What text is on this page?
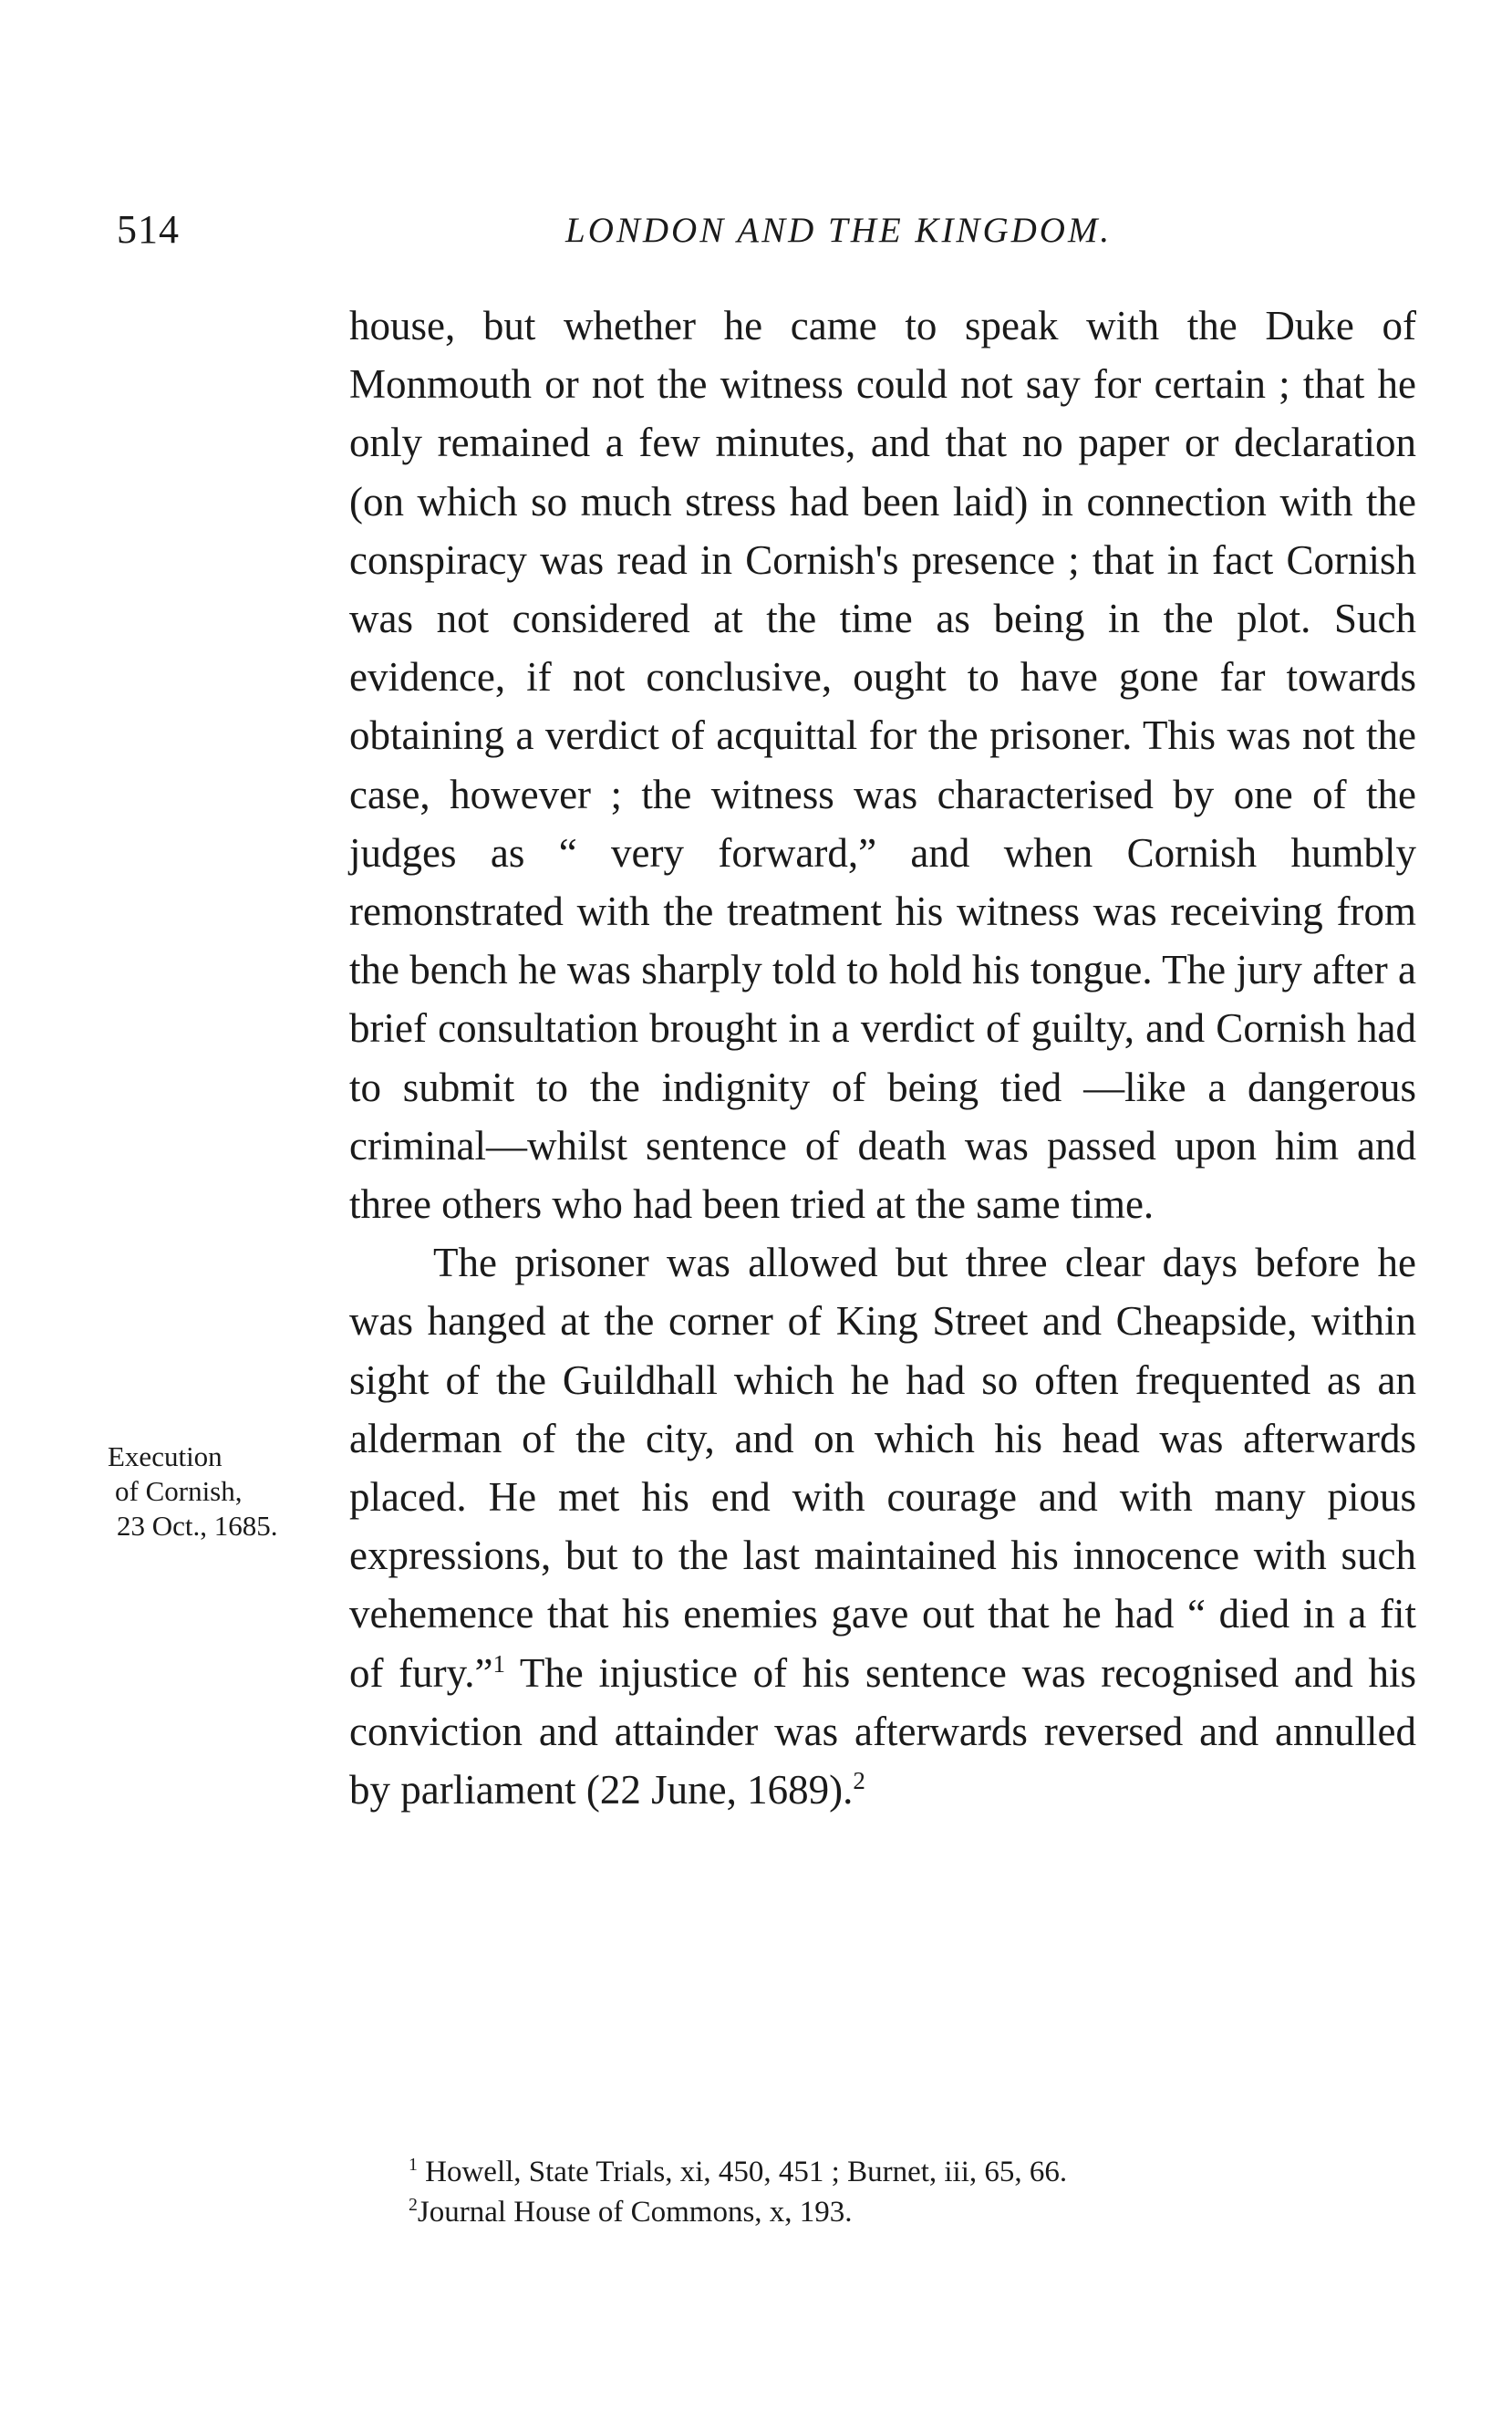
514	LONDON AND THE KINGDOM.

house, but whether he came to speak with the Duke of Monmouth or not the witness could not say for certain ; that he only remained a few minutes, and that no paper or declaration (on which so much stress had been laid) in connection with the conspiracy was read in Cornish's presence ; that in fact Cornish was not considered at the time as being in the plot. Such evidence, if not conclusive, ought to have gone far towards obtaining a verdict of acquittal for the prisoner. This was not the case, however ; the witness was characterised by one of the judges as “ very forward,” and when Cornish humbly remonstrated with the treatment his witness was receiving from the bench he was sharply told to hold his tongue. The jury after a brief consultation brought in a verdict of guilty, and Cornish had to submit to the indignity of being tied —like a dangerous criminal—whilst sentence of death was passed upon him and three others who had been tried at the same time.

The prisoner was allowed but three clear days before he was hanged at the corner of King Street and Cheapside, within sight of the Guildhall which he had so often frequented as an alderman of the city, and on which his head was afterwards placed. He met his end with courage and with many pious expressions, but to the last maintained his innocence with such vehemence that his enemies gave out that he had “ died in a fit of fury.”$^1$ The injustice of his sentence was recognised and his conviction and attainder was afterwards reversed and annulled by parliament (22 June, 1689).$^2$

Execution
of Cornish,
23 Oct., 1685.
$^1$ Howell, State Trials, xi, 450, 451 ; Burnet, iii, 65, 66.
$^2$Journal House of Commons, x, 193.
